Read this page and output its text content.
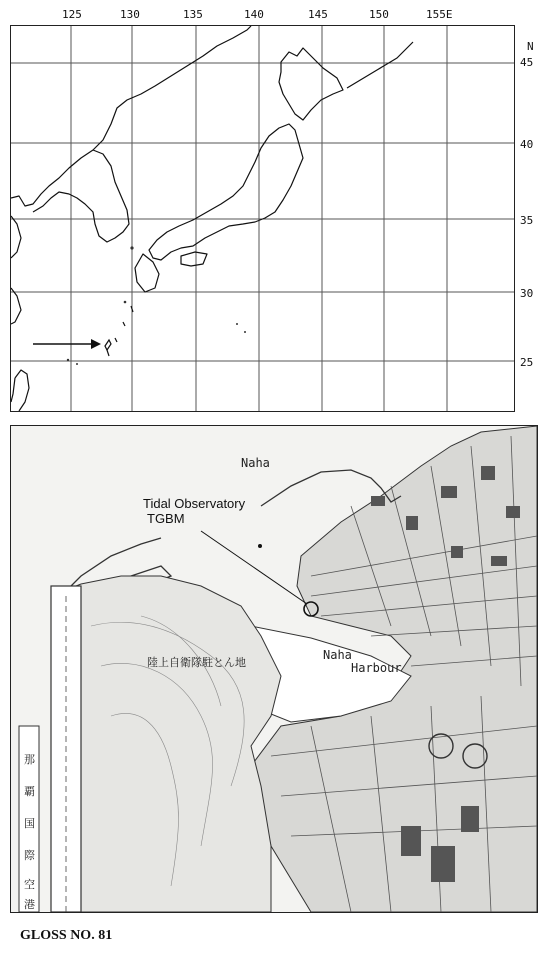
125	130	135	140	145	150	155E
N
45
40
35
30
25
Naha
Naha
Harbour
Tidal Observatory
TGBM
陸上自衛隊駐とん地
那
覇
国
際
空
港
GLOSS NO. 81
